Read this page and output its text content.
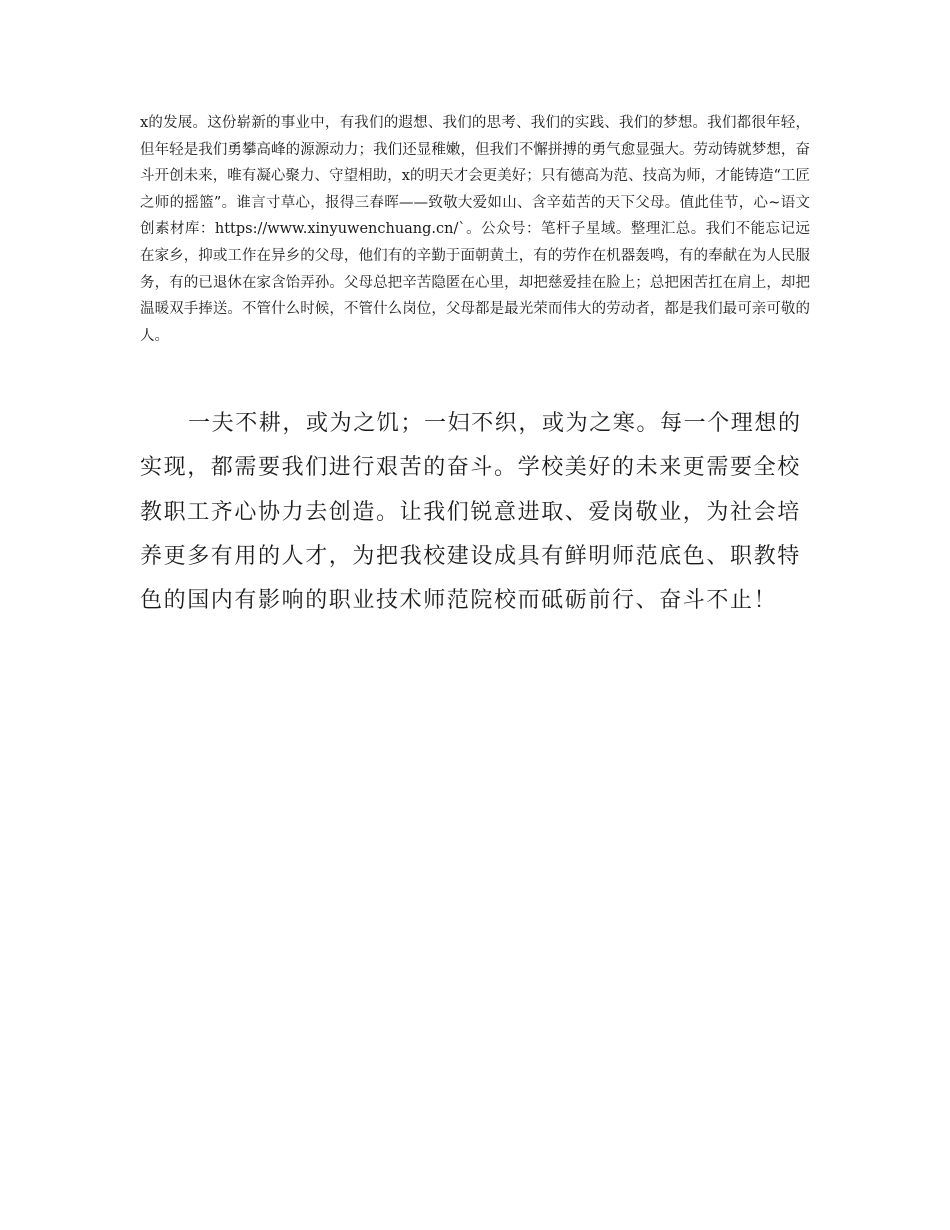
x的发展。这份崭新的事业中，有我们的遐想、我们的思考、我们的实践、我们的梦想。我们都很年轻，但年轻是我们勇攀高峰的源源动力；我们还显稚嫩，但我们不懈拼搏的勇气愈显强大。劳动铸就梦想，奋斗开创未来，唯有凝心聚力、守望相助，x的明天才会更美好；只有德高为范、技高为师，才能铸造“工匠之师的摇篮”。谁言寸草心，报得三春晖——致敬大爱如山、含辛茹苦的天下父母。值此佳节，心~语文创素材库：https://www.xinyuwenchuang.cn/`。公众号：笔杆子星域。整理汇总。我们不能忘记远在家乡，抑或工作在异乡的父母，他们有的辛勤于面朝黄土，有的劳作在机器轰鸣，有的奉献在为人民服务，有的已退休在家含饴弄孙。父母总把辛苦隐匿在心里，却把慈爱挂在脸上；总把困苦扛在肩上，却把温暖双手捧送。不管什么时候，不管什么岗位，父母都是最光荣而伟大的劳动者，都是我们最可亲可敬的人。

一夫不耕，或为之饥；一妇不织，或为之寒。每一个理想的实现，都需要我们进行艰苦的奋斗。学校美好的未来更需要全校教职工齐心协力去创造。让我们锐意进取、爱岗敬业，为社会培养更多有用的人才，为把我校建设成具有鲜明师范底色、职教特色的国内有影响的职业技术师范院校而砥砺前行、奋斗不止！
